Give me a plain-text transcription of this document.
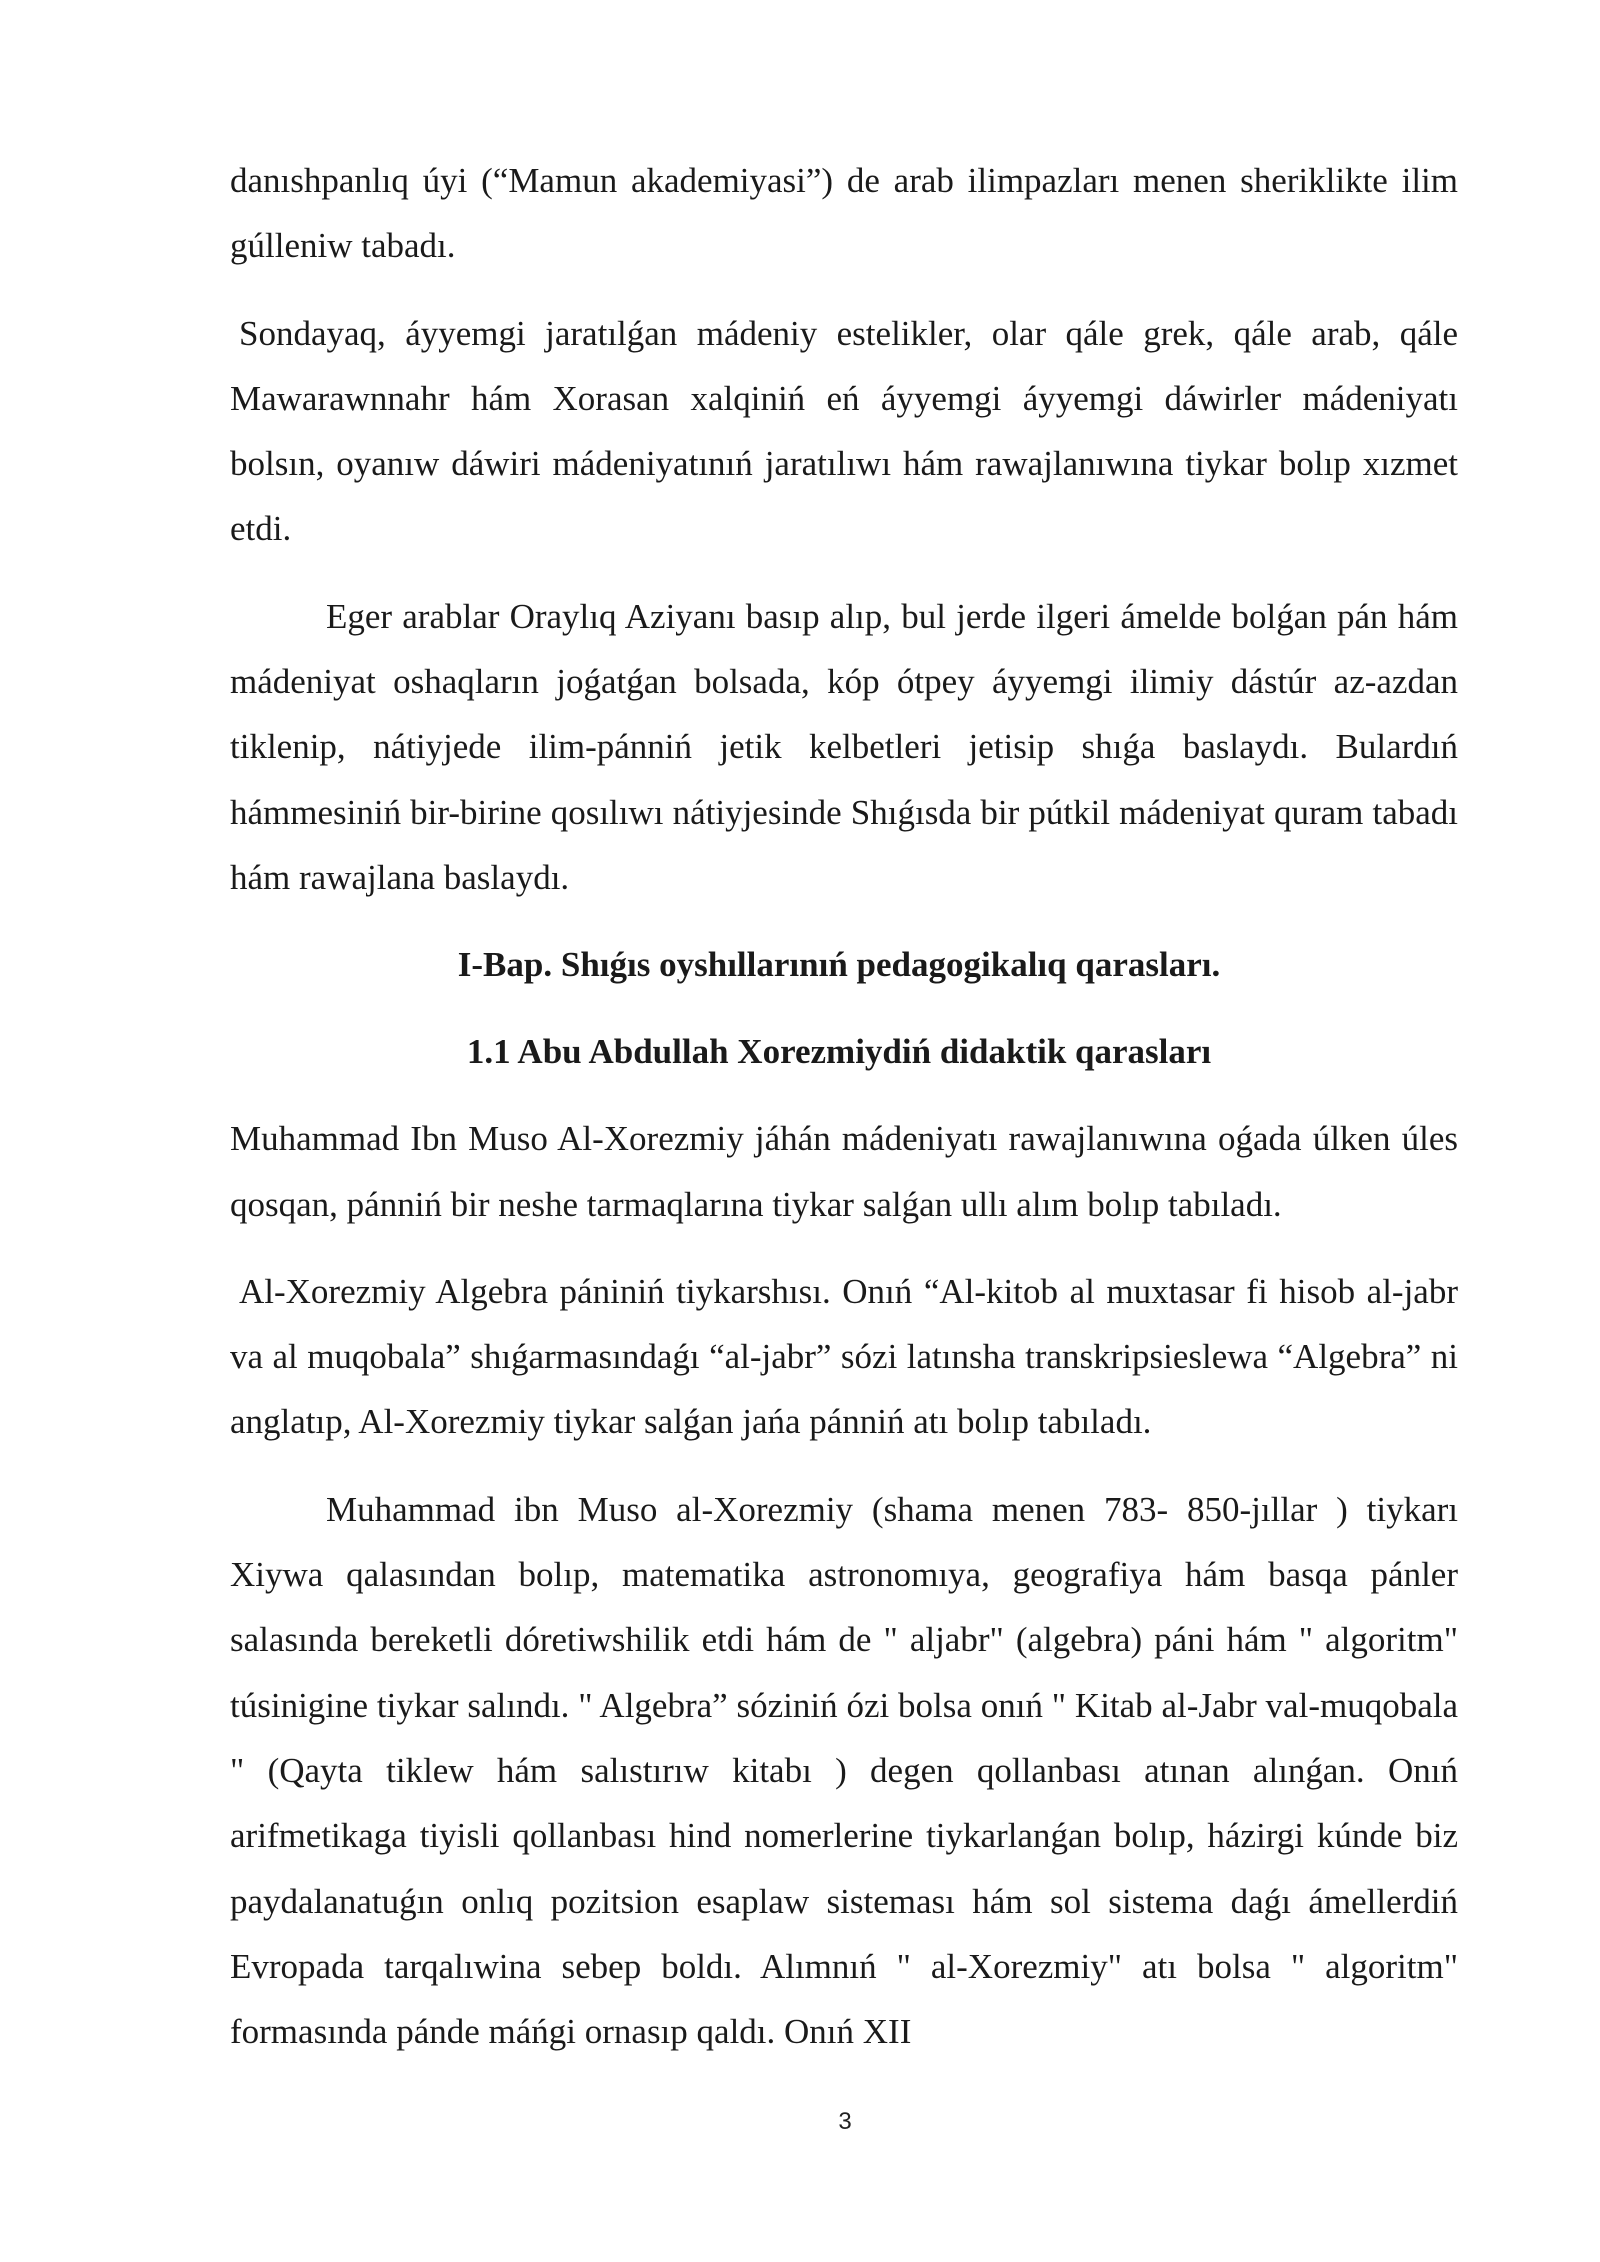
danıshpanlıq úyi (“Mamun akademiyasi”) de arab ilimpazları menen sheriklikte ilim gúlleniw tabadı.

Sondayaq, áyyemgi jaratılǵan mádeniy estelikler, olar qále grek, qále arab, qále Mawarawnnahr hám Xorasan xalqiniń eń áyyemgi áyyemgi dáwirler mádeniyatı bolsın, oyanıw dáwiri mádeniyatınıń jaratılıwı hám rawajlanıwına tiykar bolıp xızmet etdi.

Eger arablar Oraylıq Aziyanı basıp alıp, bul jerde ilgeri ámelde bolǵan pán hám mádeniyat oshaqların joǵatǵan bolsada, kóp ótpey áyyemgi ilimiy dástúr az-azdan tiklenip, nátiyjede ilim-pánniń jetik kelbetleri jetisip shıǵa baslaydı. Bulardıń hámmesiniń bir-birine qosılıwı nátiyjesinde Shıǵısda bir pútkil mádeniyat quram tabadı hám rawajlana baslaydı.

I-Bap. Shıǵıs oyshıllarınıń pedagogikalıq qarasları.
1.1 Abu Abdullah Xorezmiydiń didaktik qarasları

Muhammad Ibn Muso Al-Xorezmiy jáhán mádeniyatı rawajlanıwına oǵada úlken úles qosqan, pánniń bir neshe tarmaqlarına tiykar salǵan ullı alım bolıp tabıladı.

Al-Xorezmiy Algebra pániniń tiykarshısı. Onıń “Al-kitob al muxtasar fi hisob al-jabr va al muqobala” shıǵarmasındaǵı “al-jabr” sózi latınsha transkripsieslewa “Algebra” ni anglatıp, Al-Xorezmiy tiykar salǵan jańa pánniń atı bolıp tabıladı.

Muhammad ibn Muso al-Xorezmiy (shama menen 783- 850-jıllar ) tiykarı Xiywa qalasından bolıp, matematika astronomıya, geografiya hám basqa pánler salasında bereketli dóretiwshilik etdi hám de " aljabr" (algebra) páni hám " algoritm" túsinigine tiykar salındı. " Algebra” sóziniń ózi bolsa onıń " Kitab al-Jabr val-muqobala " (Qayta tiklew hám salıstırıw kitabı ) degen qollanbası atınan alınǵan. Onıń arifmetikaga tiyisli qollanbası hind nomerlerine tiykarlanǵan bolıp, házirgi kúnde biz paydalanatuǵın onlıq pozitsion esaplaw sisteması hám sol sistema daǵı ámellerdiń Evropada tarqalıwina sebep boldı. Alımnıń " al-Xorezmiy" atı bolsa " algoritm" formasında pánde máńgi ornasıp qaldı. Onıń XII

3
